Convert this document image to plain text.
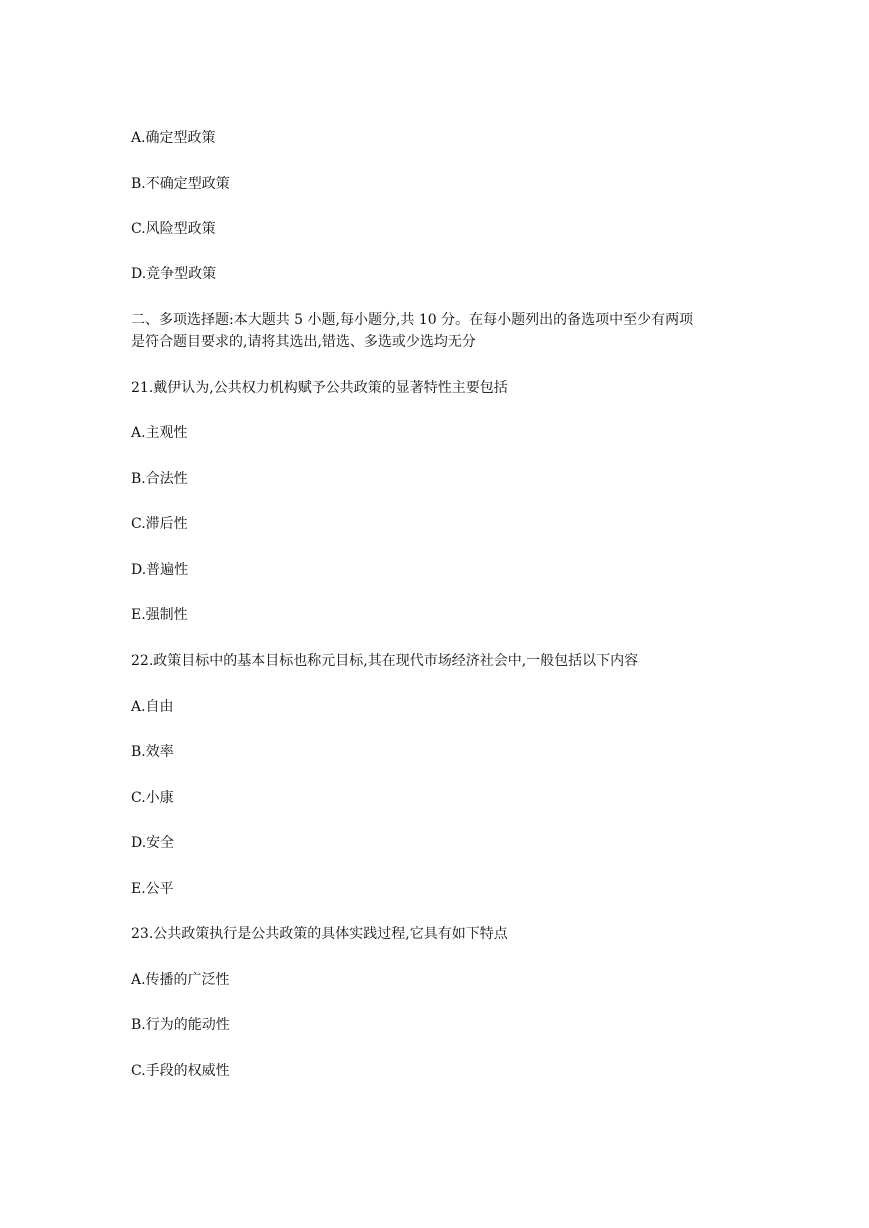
A.确定型政策
B.不确定型政策
C.风险型政策
D.竞争型政策
二、多项选择题:本大题共 5 小题,每小题分,共 10 分。在每小题列出的备选项中至少有两项
是符合题目要求的,请将其选出,错选、多选或少选均无分
21.戴伊认为,公共权力机构赋予公共政策的显著特性主要包括
A.主观性
B.合法性
C.滞后性
D.普遍性
E.强制性
22.政策目标中的基本目标也称元目标,其在现代市场经济社会中,一般包括以下内容
A.自由
B.效率
C.小康
D.安全
E.公平
23.公共政策执行是公共政策的具体实践过程,它具有如下特点
A.传播的广泛性
B.行为的能动性
C.手段的权威性
